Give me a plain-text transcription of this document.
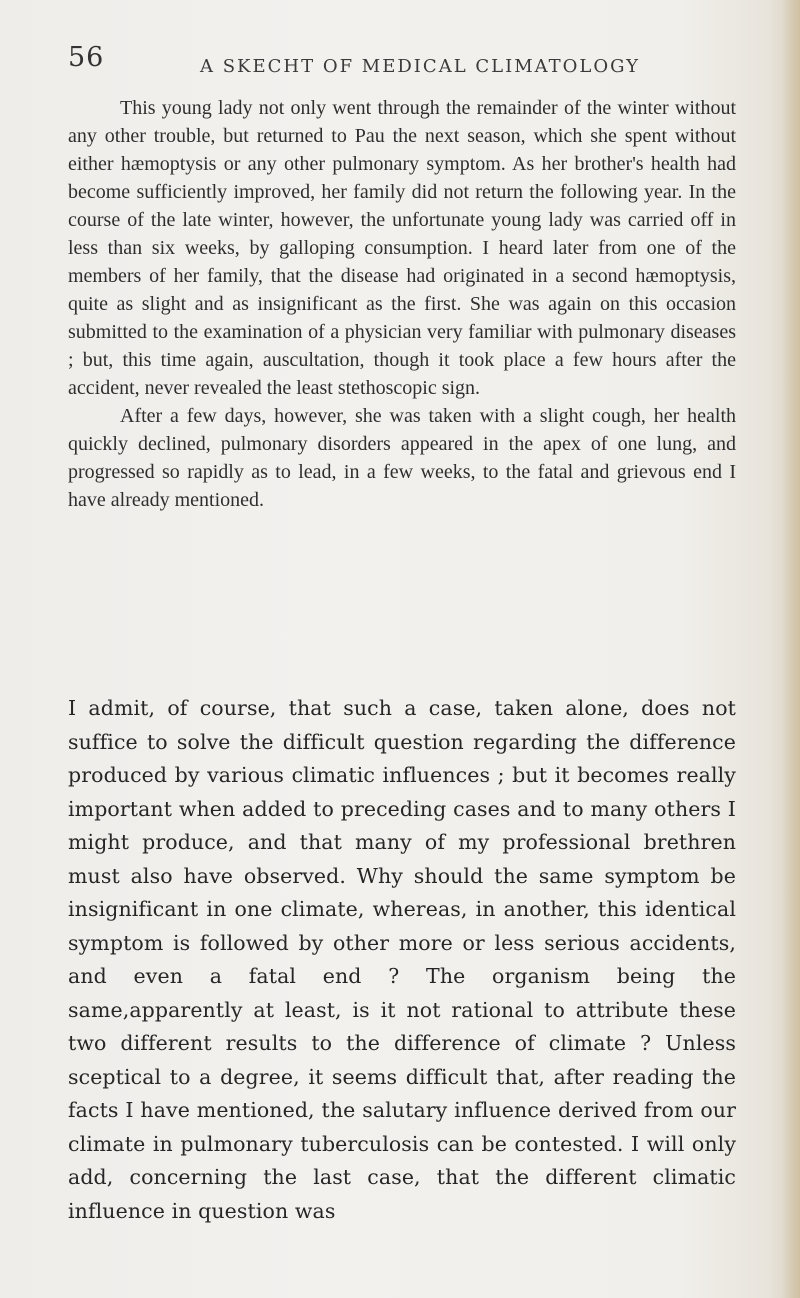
56	A SKECHT OF MEDICAL CLIMATOLOGY

This young lady not only went through the remainder of the winter without any other trouble, but returned to Pau the next season, which she spent without either hæmoptysis or any other pulmonary symptom. As her brother's health had become sufficiently improved, her family did not return the following year. In the course of the late winter, however, the unfortunate young lady was carried off in less than six weeks, by galloping consumption. I heard later from one of the members of her family, that the disease had originated in a second hæmoptysis, quite as slight and as insignificant as the first. She was again on this occasion submitted to the examination of a physician very familiar with pulmonary diseases ; but, this time again, auscultation, though it took place a few hours after the accident, never revealed the least stethoscopic sign.

After a few days, however, she was taken with a slight cough, her health quickly declined, pulmonary disorders appeared in the apex of one lung, and progressed so rapidly as to lead, in a few weeks, to the fatal and grievous end I have already mentioned.

I admit, of course, that such a case, taken alone, does not suffice to solve the difficult question regarding the difference produced by various climatic influences ; but it becomes really important when added to preceding cases and to many others I might produce, and that many of my professional brethren must also have observed. Why should the same symptom be insignificant in one climate, whereas, in another, this identical symptom is followed by other more or less serious accidents, and even a fatal end ? The organism being the same,apparently at least, is it not rational to attribute these two different results to the difference of climate ? Unless sceptical to a degree, it seems difficult that, after reading the facts I have mentioned, the salutary influence derived from our climate in pulmonary tuberculosis can be contested. I will only add, concerning the last case, that the different climatic influence in question was
